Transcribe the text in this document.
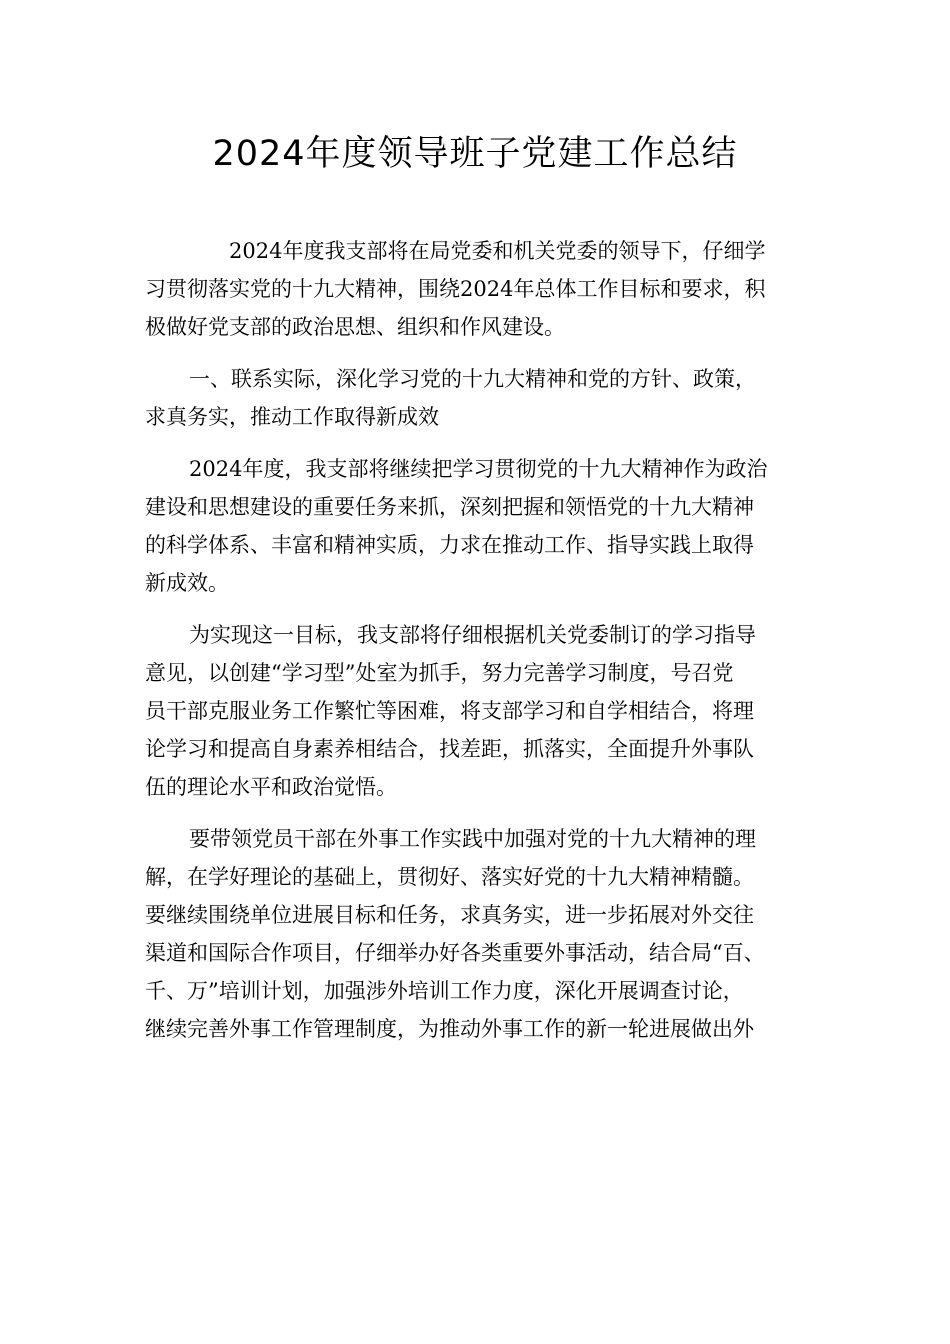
2024年度领导班子党建工作总结
2024年度我支部将在局党委和机关党委的领导下，仔细学
习贯彻落实党的十九大精神，围绕2024年总体工作目标和要求，积
极做好党支部的政治思想、组织和作风建设。
一、联系实际，深化学习党的十九大精神和党的方针、政策，
求真务实，推动工作取得新成效
2024年度，我支部将继续把学习贯彻党的十九大精神作为政治
建设和思想建设的重要任务来抓，深刻把握和领悟党的十九大精神
的科学体系、丰富和精神实质，力求在推动工作、指导实践上取得
新成效。
为实现这一目标，我支部将仔细根据机关党委制订的学习指导
意见，以创建“学习型”处室为抓手，努力完善学习制度，号召党
员干部克服业务工作繁忙等困难，将支部学习和自学相结合，将理
论学习和提高自身素养相结合，找差距，抓落实，全面提升外事队
伍的理论水平和政治觉悟。
要带领党员干部在外事工作实践中加强对党的十九大精神的理
解，在学好理论的基础上，贯彻好、落实好党的十九大精神精髓。
要继续围绕单位进展目标和任务，求真务实，进一步拓展对外交往
渠道和国际合作项目，仔细举办好各类重要外事活动，结合局“百、
千、万”培训计划，加强涉外培训工作力度，深化开展调查讨论，
继续完善外事工作管理制度，为推动外事工作的新一轮进展做出外
